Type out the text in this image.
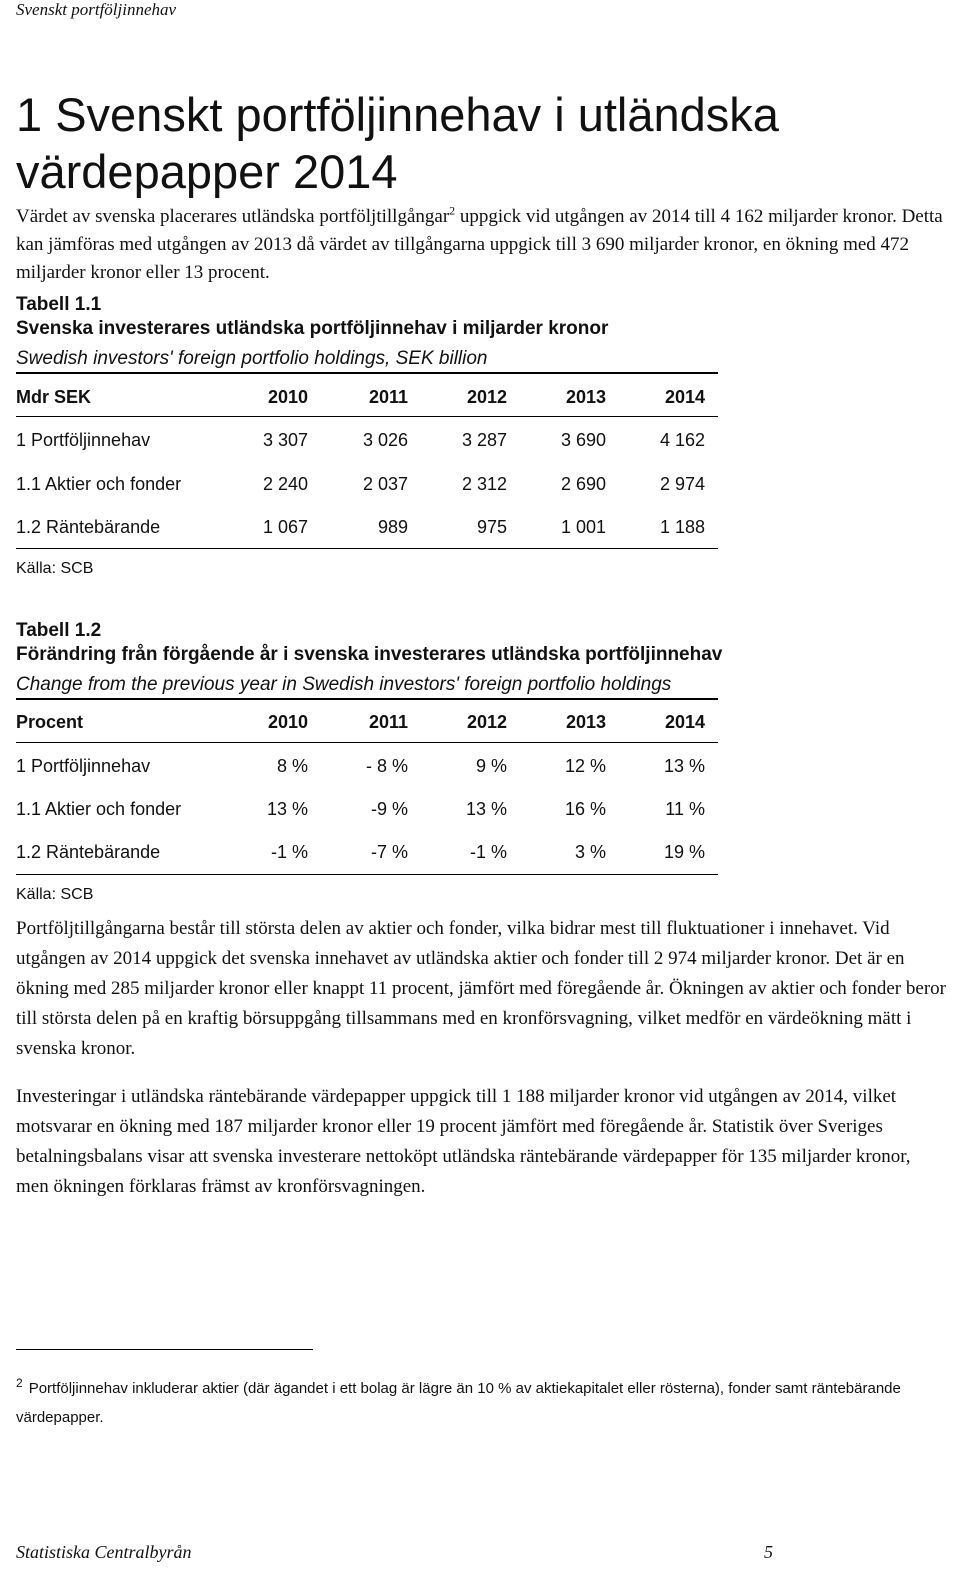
Svenskt portföljinnehav
1 Svenskt portföljinnehav i utländska värdepapper 2014

Värdet av svenska placerares utländska portföljtillgångar$^2$ uppgick vid utgången av 2014 till 4 162 miljarder kronor. Detta kan jämföras med utgången av 2013 då värdet av tillgångarna uppgick till 3 690 miljarder kronor, en ökning med 472 miljarder kronor eller 13 procent.

Tabell 1.1
Svenska investerares utländska portföljinnehav i miljarder kronor
Swedish investors' foreign portfolio holdings, SEK billion
Mdr SEK	2010	2011	2012	2013	2014
1 Portföljinnehav	3 307	3 026	3 287	3 690	4 162
1.1 Aktier och fonder	2 240	2 037	2 312	2 690	2 974
1.2 Räntebärande	1 067	989	975	1 001	1 188
Källa: SCB
Tabell 1.2
Förändring från förgående år i svenska investerares utländska portföljinnehav
Change from the previous year in Swedish investors' foreign portfolio holdings
Procent	2010	2011	2012	2013	2014
1 Portföljinnehav	8 %	- 8 %	9 %	12 %	13 %
1.1 Aktier och fonder	13 %	-9 %	13 %	16 %	11 %
1.2 Räntebärande	-1 %	-7 %	-1 %	3 %	19 %
Källa: SCB

Portföljtillgångarna består till största delen av aktier och fonder, vilka bidrar mest till fluktuationer i innehavet. Vid utgången av 2014 uppgick det svenska innehavet av utländska aktier och fonder till 2 974 miljarder kronor. Det är en ökning med 285 miljarder kronor eller knappt 11 procent, jämfört med föregående år. Ökningen av aktier och fonder beror till största delen på en kraftig börsuppgång tillsammans med en kronförsvagning, vilket medför en värdeökning mätt i svenska kronor.

Investeringar i utländska räntebärande värdepapper uppgick till 1 188 miljarder kronor vid utgången av 2014, vilket motsvarar en ökning med 187 miljarder kronor eller 19 procent jämfört med föregående år. Statistik över Sveriges betalningsbalans visar att svenska investerare nettoköpt utländska räntebärande värdepapper för 135 miljarder kronor, men ökningen förklaras främst av kronförsvagningen.

$^2$ Portföljinnehav inkluderar aktier (där ägandet i ett bolag är lägre än 10 % av aktiekapitalet eller rösterna), fonder samt räntebärande värdepapper.

Statistiska Centralbyrån	5
